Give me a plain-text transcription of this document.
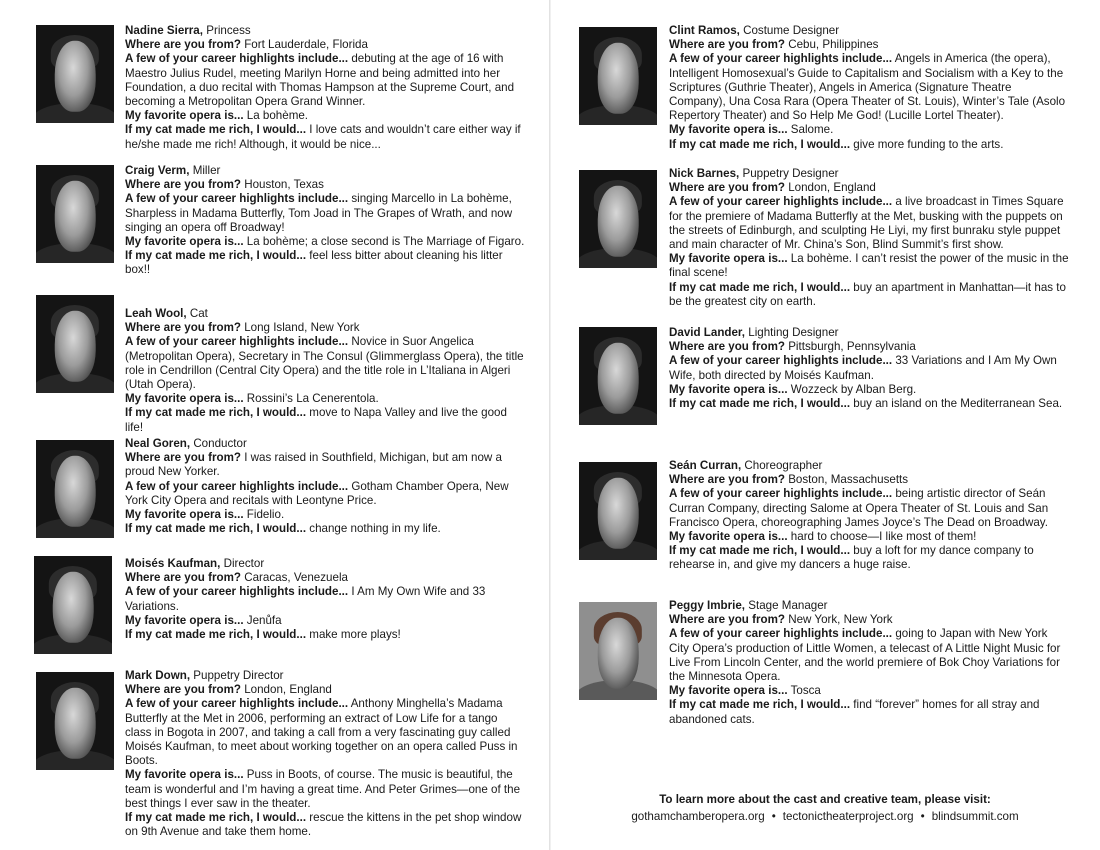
Nadine Sierra, Princess

Where are you from? Fort Lauderdale, Florida

A few of your career highlights include... debuting at the age of 16 with Maestro Julius Rudel, meeting Marilyn Horne and being admitted into her Foundation, a duo recital with Thomas Hampson at the Supreme Court, and becoming a Metropolitan Opera Grand Winner.

My favorite opera is... La bohème.

If my cat made me rich, I would... I love cats and wouldn’t care either way if he/she made me rich! Although, it would be nice...

Craig Verm, Miller

Where are you from? Houston, Texas

A few of your career highlights include... singing Marcello in La bohème, Sharpless in Madama Butterfly, Tom Joad in The Grapes of Wrath, and now singing an opera off Broadway!

My favorite opera is... La bohème; a close second is The Marriage of Figaro.

If my cat made me rich, I would... feel less bitter about cleaning his litter box!!

Leah Wool, Cat

Where are you from? Long Island, New York

A few of your career highlights include... Novice in Suor Angelica (Metropolitan Opera), Secretary in The Consul (Glimmerglass Opera), the title role in Cendrillon (Central City Opera) and the title role in L’Italiana in Algeri (Utah Opera).

My favorite opera is... Rossini’s La Cenerentola.

If my cat made me rich, I would... move to Napa Valley and live the good life!

Neal Goren, Conductor

Where are you from? I was raised in Southfield, Michigan, but am now a proud New Yorker.

A few of your career highlights include... Gotham Chamber Opera, New York City Opera and recitals with Leontyne Price.

My favorite opera is... Fidelio.

If my cat made me rich, I would... change nothing in my life.

Moisés Kaufman, Director

Where are you from? Caracas, Venezuela

A few of your career highlights include... I Am My Own Wife and 33 Variations.

My favorite opera is... Jenůfa

If my cat made me rich, I would... make more plays!

Mark Down, Puppetry Director

Where are you from? London, England

A few of your career highlights include... Anthony Minghella’s Madama Butterfly at the Met in 2006, performing an extract of Low Life for a tango class in Bogota in 2007, and taking a call from a very fascinating guy called Moisés Kaufman, to meet about working together on an opera called Puss in Boots.

My favorite opera is... Puss in Boots, of course. The music is beautiful, the team is wonderful and I’m having a great time. And Peter Grimes—one of the best things I ever saw in the theater.

If my cat made me rich, I would... rescue the kittens in the pet shop window on 9th Avenue and take them home.

Clint Ramos, Costume Designer

Where are you from? Cebu, Philippines

A few of your career highlights include... Angels in America (the opera), Intelligent Homosexual’s Guide to Capitalism and Socialism with a Key to the Scriptures (Guthrie Theater), Angels in America (Signature Theatre Company), Una Cosa Rara (Opera Theater of St. Louis), Winter’s Tale (Asolo Repertory Theater) and So Help Me God! (Lucille Lortel Theater).

My favorite opera is... Salome.

If my cat made me rich, I would... give more funding to the arts.

Nick Barnes, Puppetry Designer

Where are you from? London, England

A few of your career highlights include... a live broadcast in Times Square for the premiere of Madama Butterfly at the Met, busking with the puppets on the streets of Edinburgh, and sculpting He Liyi, my first bunraku style puppet and main character of Mr. China’s Son, Blind Summit’s first show.

My favorite opera is... La bohème. I can’t resist the power of the music in the final scene!

If my cat made me rich, I would... buy an apartment in Manhattan—it has to be the greatest city on earth.

David Lander, Lighting Designer

Where are you from? Pittsburgh, Pennsylvania

A few of your career highlights include... 33 Variations and I Am My Own Wife, both directed by Moisés Kaufman.

My favorite opera is... Wozzeck by Alban Berg.

If my cat made me rich, I would... buy an island on the Mediterranean Sea.

Seán Curran, Choreographer

Where are you from? Boston, Massachusetts

A few of your career highlights include... being artistic director of Seán Curran Company, directing Salome at Opera Theater of St. Louis and San Francisco Opera, choreographing James Joyce’s The Dead on Broadway.

My favorite opera is... hard to choose—I like most of them!

If my cat made me rich, I would... buy a loft for my dance company to rehearse in, and give my dancers a huge raise.

Peggy Imbrie, Stage Manager

Where are you from? New York, New York

A few of your career highlights include... going to Japan with New York City Opera’s production of Little Women, a telecast of A Little Night Music for Live From Lincoln Center, and the world premiere of Bok Choy Variations for the Minnesota Opera.

My favorite opera is... Tosca

If my cat made me rich, I would... find “forever” homes for all stray and abandoned cats.

To learn more about the cast and creative team, please visit:
gothamchamberopera.org • tectonictheaterproject.org • blindsummit.com
